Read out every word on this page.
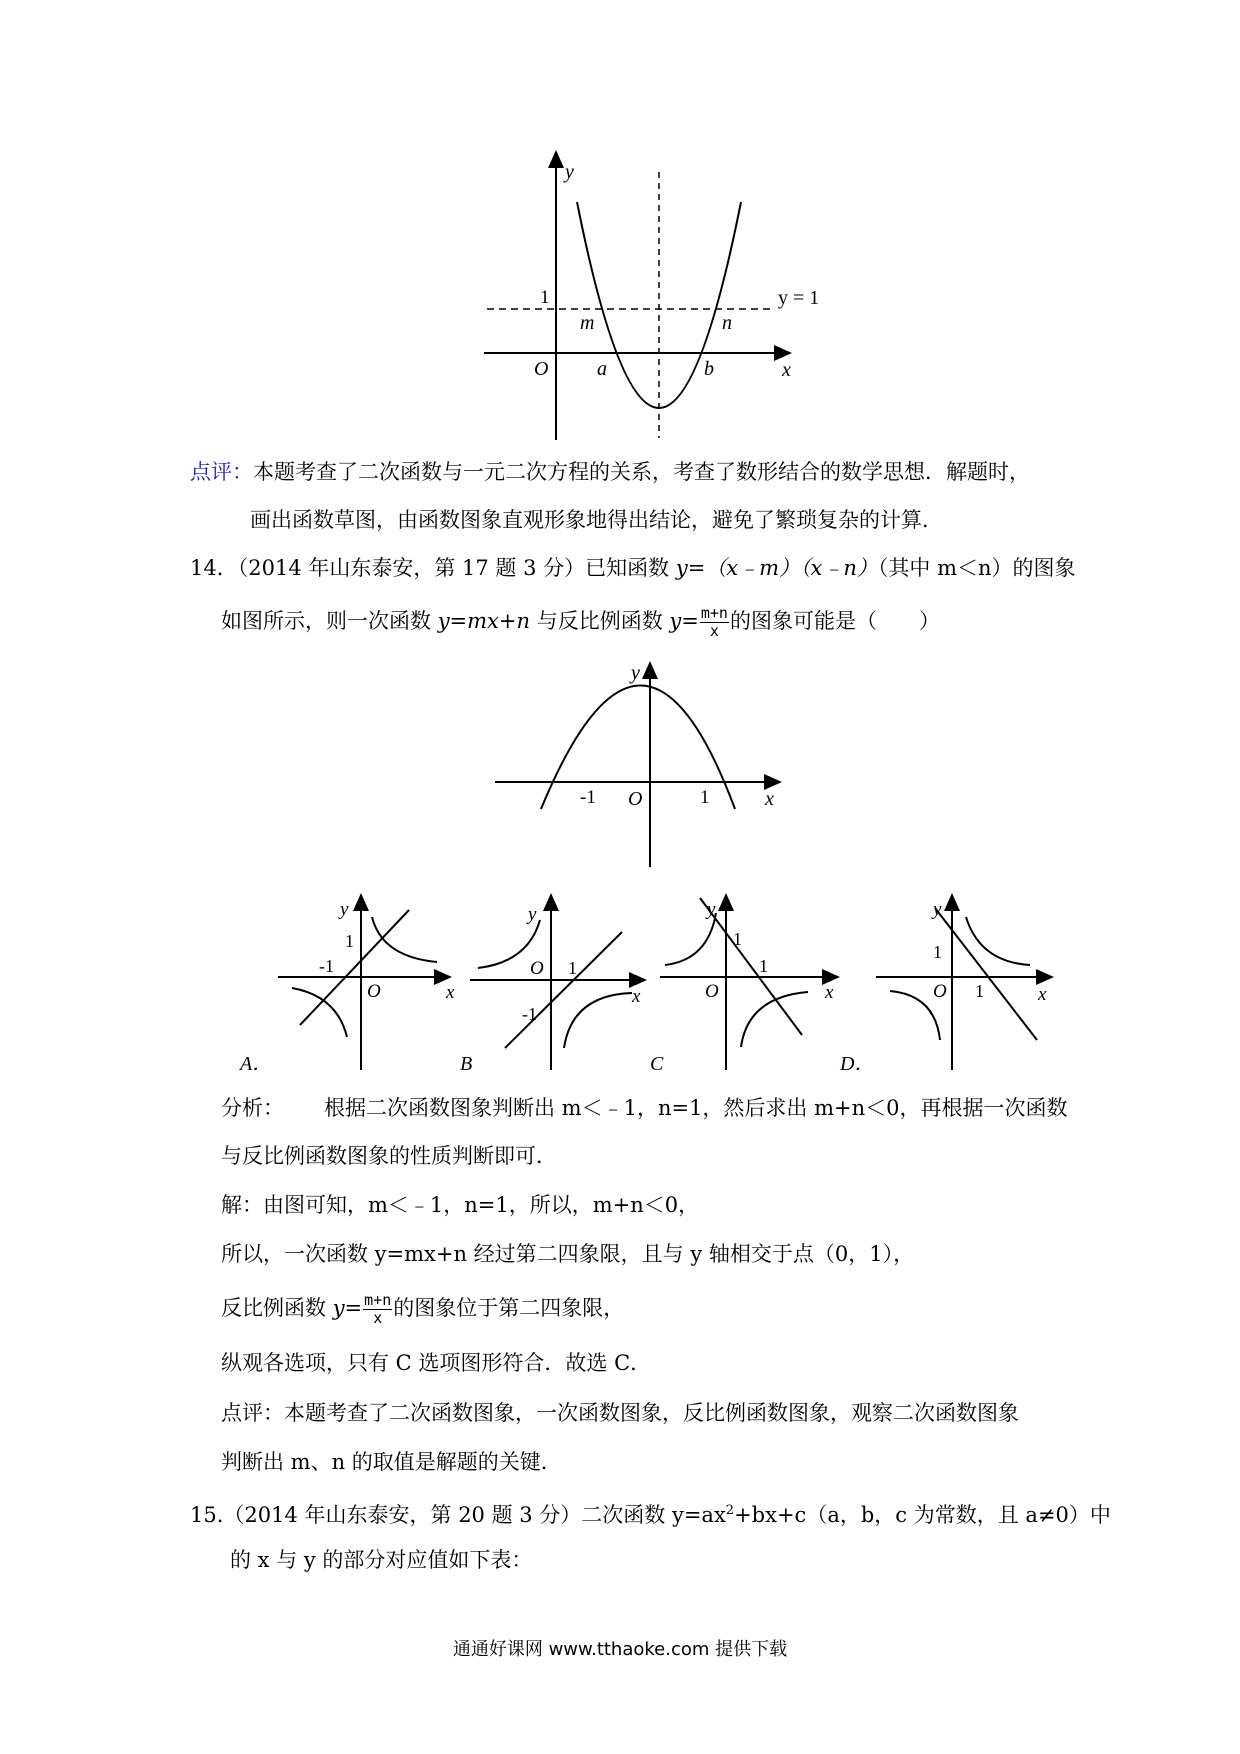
y
x
O
1	y = 1
m	n
a	b
点评：本题考查了二次函数与一元二次方程的关系，考查了数形结合的数学思想．解题时，
画出函数草图，由函数图象直观形象地得出结论，避免了繁琐复杂的计算．
14．（2014 年山东泰安，第 17 题 3 分）已知函数 y=（x﹣m）（x﹣n）（其中 m＜n）的图象
如图所示，则一次函数 y=mx+n 与反比例函数 $y= \frac{m+n}{x}$ 的图象可能是（　　）
y
x
O
-1	1
y
x
O
1
-1
y
x
O 1
-1
y
x
O
1
1
y
x
O
1
1
A．	B	C	D．
分析： 根据二次函数图象判断出 m＜﹣1，n=1，然后求出 m+n＜0，再根据一次函数
与反比例函数图象的性质判断即可．
解：由图可知，m＜﹣1，n=1，所以，m+n＜0，
所以，一次函数 y=mx+n 经过第二四象限，且与 y 轴相交于点（0，1），
反比例函数 $y= \frac{m+n}{x}$ 的图象位于第二四象限，
纵观各选项，只有 C 选项图形符合．故选 C．
点评：本题考查了二次函数图象，一次函数图象，反比例函数图象，观察二次函数图象
判断出 m、n 的取值是解题的关键．
15.（2014 年山东泰安，第 20 题 3 分）二次函数 $y=ax^2+bx+c(a$，b，c 为常数，且 a≠0）中
的 x 与 y 的部分对应值如下表：
通通好课网 www.tthaoke.com 提供下载
